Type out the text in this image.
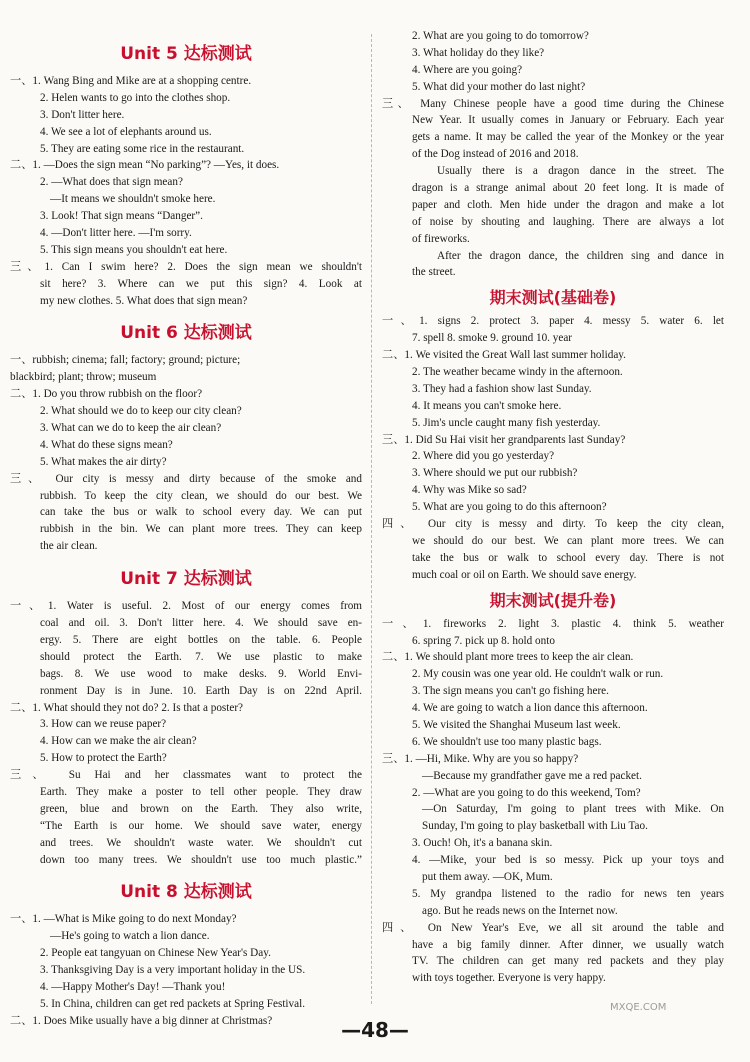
Unit 5 达标测试
一、1. Wang Bing and Mike are at a shopping centre.
2. Helen wants to go into the clothes shop.
3. Don't litter here.
4. We see a lot of elephants around us.
5. They are eating some rice in the restaurant.
二、1. —Does the sign mean “No parking”? —Yes, it does.
2. —What does that sign mean?
—It means we shouldn't smoke here.
3. Look! That sign means “Danger”.
4. —Don't litter here. —I'm sorry.
5. This sign means you shouldn't eat here.
三、1. Can I swim here? 2. Does the sign mean we shouldn't
sit here? 3. Where can we put this sign? 4. Look at
my new clothes. 5. What does that sign mean?
Unit 6 达标测试
一、rubbish; cinema; fall; factory; ground; picture;
blackbird; plant; throw; museum
二、1. Do you throw rubbish on the floor?
2. What should we do to keep our city clean?
3. What can we do to keep the air clean?
4. What do these signs mean?
5. What makes the air dirty?
三、 Our city is messy and dirty because of the smoke and
rubbish. To keep the city clean, we should do our best. We
can take the bus or walk to school every day. We can put
rubbish in the bin. We can plant more trees. They can keep
the air clean.
Unit 7 达标测试
一、1. Water is useful. 2. Most of our energy comes from
coal and oil. 3. Don't litter here. 4. We should save en-
ergy. 5. There are eight bottles on the table. 6. People
should protect the Earth. 7. We use plastic to make
bags. 8. We use wood to make desks. 9. World Envi-
ronment Day is in June. 10. Earth Day is on 22nd April.
二、1. What should they not do? 2. Is that a poster?
3. How can we reuse paper?
4. How can we make the air clean?
5. How to protect the Earth?
三、 Su Hai and her classmates want to protect the
Earth. They make a poster to tell other people. They draw
green, blue and brown on the Earth. They also write,
“The Earth is our home. We should save water, energy
and trees. We shouldn't waste water. We shouldn't cut
down too many trees. We shouldn't use too much plastic.”
Unit 8 达标测试
一、1. —What is Mike going to do next Monday?
—He's going to watch a lion dance.
2. People eat tangyuan on Chinese New Year's Day.
3. Thanksgiving Day is a very important holiday in the US.
4. —Happy Mother's Day! —Thank you!
5. In China, children can get red packets at Spring Festival.
二、1. Does Mike usually have a big dinner at Christmas?
2. What are you going to do tomorrow?
3. What holiday do they like?
4. Where are you going?
5. What did your mother do last night?
三、 Many Chinese people have a good time during the Chinese
New Year. It usually comes in January or February. Each year
gets a name. It may be called the year of the Monkey or the year
of the Dog instead of 2016 and 2018.
Usually there is a dragon dance in the street. The
dragon is a strange animal about 20 feet long. It is made of
paper and cloth. Men hide under the dragon and make a lot
of noise by shouting and laughing. There are always a lot
of fireworks.
After the dragon dance, the children sing and dance in
the street.
期末测试(基础卷)
一、1. signs 2. protect 3. paper 4. messy 5. water 6. let
7. spell 8. smoke 9. ground 10. year
二、1. We visited the Great Wall last summer holiday.
2. The weather became windy in the afternoon.
3. They had a fashion show last Sunday.
4. It means you can't smoke here.
5. Jim's uncle caught many fish yesterday.
三、1. Did Su Hai visit her grandparents last Sunday?
2. Where did you go yesterday?
3. Where should we put our rubbish?
4. Why was Mike so sad?
5. What are you going to do this afternoon?
四、 Our city is messy and dirty. To keep the city clean,
we should do our best. We can plant more trees. We can
take the bus or walk to school every day. There is not
much coal or oil on Earth. We should save energy.
期末测试(提升卷)
一、1. fireworks 2. light 3. plastic 4. think 5. weather
6. spring 7. pick up 8. hold onto
二、1. We should plant more trees to keep the air clean.
2. My cousin was one year old. He couldn't walk or run.
3. The sign means you can't go fishing here.
4. We are going to watch a lion dance this afternoon.
5. We visited the Shanghai Museum last week.
6. We shouldn't use too many plastic bags.
三、1. —Hi, Mike. Why are you so happy?
—Because my grandfather gave me a red packet.
2. —What are you going to do this weekend, Tom?
—On Saturday, I'm going to plant trees with Mike. On
Sunday, I'm going to play basketball with Liu Tao.
3. Ouch! Oh, it's a banana skin.
4. —Mike, your bed is so messy. Pick up your toys and
put them away. —OK, Mum.
5. My grandpa listened to the radio for news ten years
ago. But he reads news on the Internet now.
四、 On New Year's Eve, we all sit around the table and
have a big family dinner. After dinner, we usually watch
TV. The children can get many red packets and they play
with toys together. Everyone is very happy.
—48—
MXQE.COM
